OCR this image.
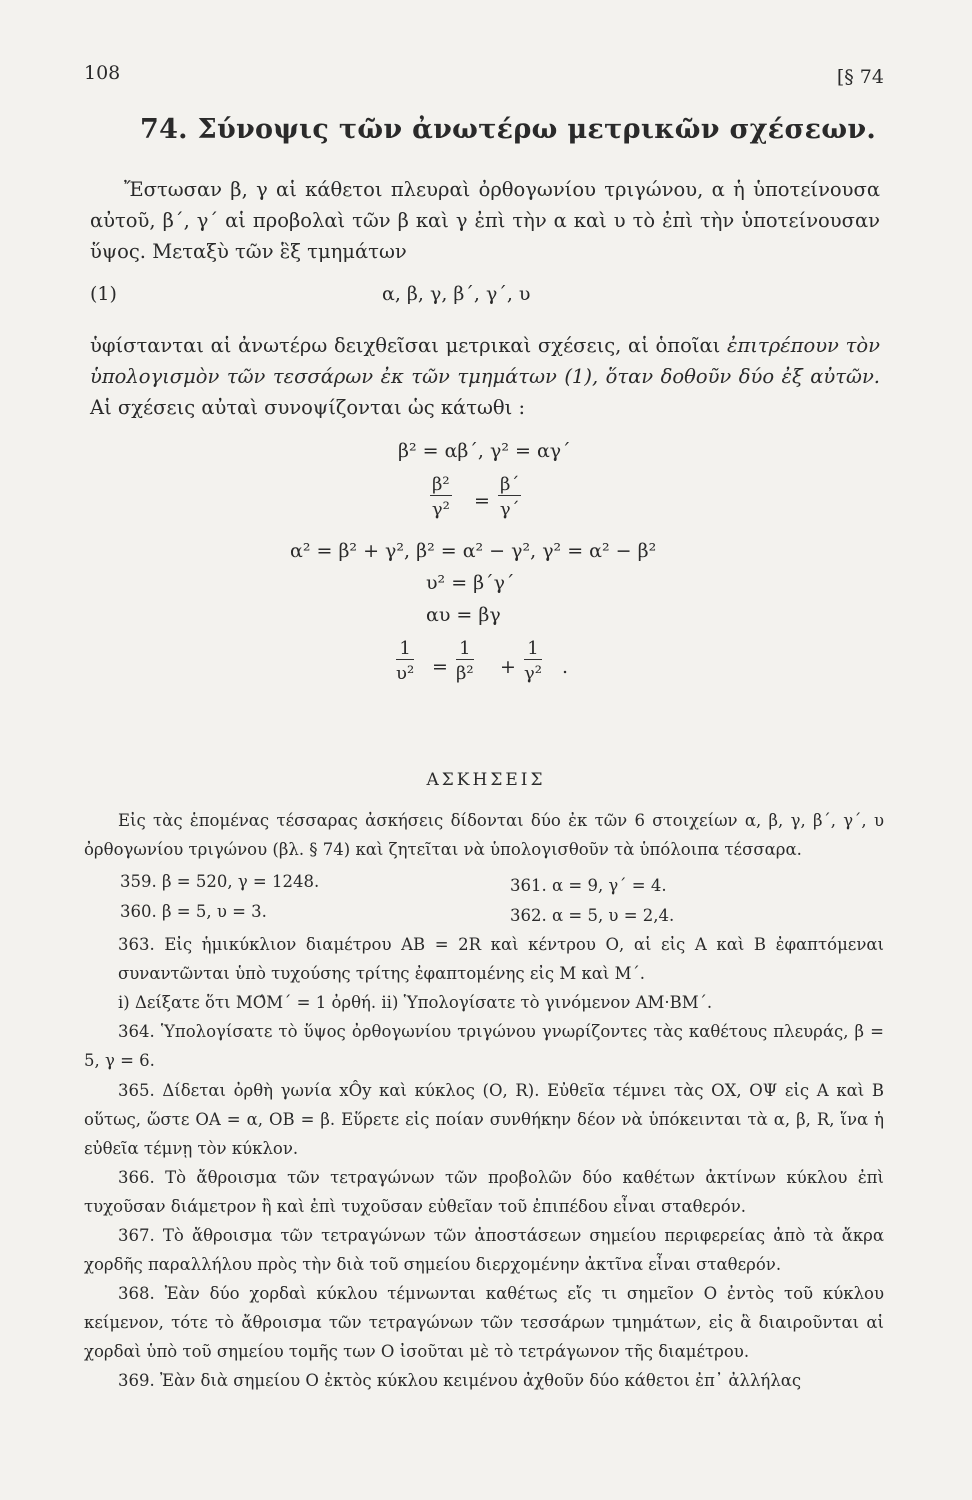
108	[§ 74
74. Σύνοψις τῶν ἀνωτέρω μετρικῶν σχέσεων.

Ἔστωσαν β, γ αἱ κάθετοι πλευραὶ ὀρθογωνίου τριγώνου, α ἡ ὑποτείνουσα αὐτοῦ, β΄, γ΄ αἱ προβολαὶ τῶν β καὶ γ ἐπὶ τὴν α καὶ υ τὸ ἐπὶ τὴν ὑποτείνουσαν ὕψος. Μεταξὺ τῶν ἓξ τμημάτων

(1)	α, β, γ, β΄, γ΄, υ

ὑφίστανται αἱ ἀνωτέρω δειχθεῖσαι μετρικαὶ σχέσεις, αἱ ὁποῖαι ἐπιτρέπουν τὸν ὑπολογισμὸν τῶν τεσσάρων ἐκ τῶν τμημάτων (1), ὅταν δοθοῦν δύο ἐξ αὐτῶν. Αἱ σχέσεις αὐταὶ συνοψίζονται ὡς κάτωθι :

β² = αβ΄, γ² = αγ΄
$\frac{\text{β²}}{\text{γ²}} = \frac{\beta΄}{\gamma΄}$
α² = β² + γ², β² = α² − γ², γ² = α² − β²
υ² = β΄γ΄
αυ = βγ
$\frac{1}{\text{υ²}} = \frac{1}{\text{β²}} + \frac{1}{\text{γ²}}$ .
ΑΣΚΗΣΕΙΣ

Εἰς τὰς ἑπομένας τέσσαρας ἀσκήσεις δίδονται δύο ἐκ τῶν 6 στοιχείων α, β, γ, β΄, γ΄, υ ὀρθογωνίου τριγώνου (βλ. § 74) καὶ ζητεῖται νὰ ὑπολογισθοῦν τὰ ὑπόλοιπα τέσσαρα.

359. β = 520, γ = 1248.	361. α = 9, γ΄ = 4.
360. β = 5, υ = 3.	362. α = 5, υ = 2,4.

363. Εἰς ἡμικύκλιον διαμέτρου ΑΒ = 2R καὶ κέντρου Ο, αἱ εἰς Α καὶ Β ἐφαπτόμεναι συναντῶνται ὑπὸ τυχούσης τρίτης ἐφαπτομένης εἰς Μ καὶ Μ΄.

i) Δείξατε ὅτι ΜΟ̂Μ΄ = 1 ὀρθή. ii) Ὑπολογίσατε τὸ γινόμενον ΑΜ·ΒΜ΄.

364. Ὑπολογίσατε τὸ ὕψος ὀρθογωνίου τριγώνου γνωρίζοντες τὰς καθέτους πλευράς, β = 5, γ = 6.

365. Δίδεται ὀρθὴ γωνία xÔy καὶ κύκλος (Ο, R). Εὐθεῖα τέμνει τὰς ΟΧ, ΟΨ εἰς Α καὶ Β οὕτως, ὥστε ΟΑ = α, ΟΒ = β. Εὕρετε εἰς ποίαν συνθήκην δέον νὰ ὑπόκεινται τὰ α, β, R, ἵνα ἡ εὐθεῖα τέμνῃ τὸν κύκλον.

366. Τὸ ἄθροισμα τῶν τετραγώνων τῶν προβολῶν δύο καθέτων ἀκτίνων κύκλου ἐπὶ τυχοῦσαν διάμετρον ἢ καὶ ἐπὶ τυχοῦσαν εὐθεῖαν τοῦ ἐπιπέδου εἶναι σταθερόν.

367. Τὸ ἄθροισμα τῶν τετραγώνων τῶν ἀποστάσεων σημείου περιφερείας ἀπὸ τὰ ἄκρα χορδῆς παραλλήλου πρὸς τὴν διὰ τοῦ σημείου διερχομένην ἀκτῖνα εἶναι σταθερόν.

368. Ἐὰν δύο χορδαὶ κύκλου τέμνωνται καθέτως εἴς τι σημεῖον Ο ἐντὸς τοῦ κύκλου κείμενον, τότε τὸ ἄθροισμα τῶν τετραγώνων τῶν τεσσάρων τμημάτων, εἰς ἃ διαιροῦνται αἱ χορδαὶ ὑπὸ τοῦ σημείου τομῆς των Ο ἰσοῦται μὲ τὸ τετράγωνον τῆς διαμέτρου.

369. Ἐὰν διὰ σημείου Ο ἐκτὸς κύκλου κειμένου ἀχθοῦν δύο κάθετοι ἐπ᾿ ἀλλήλας
